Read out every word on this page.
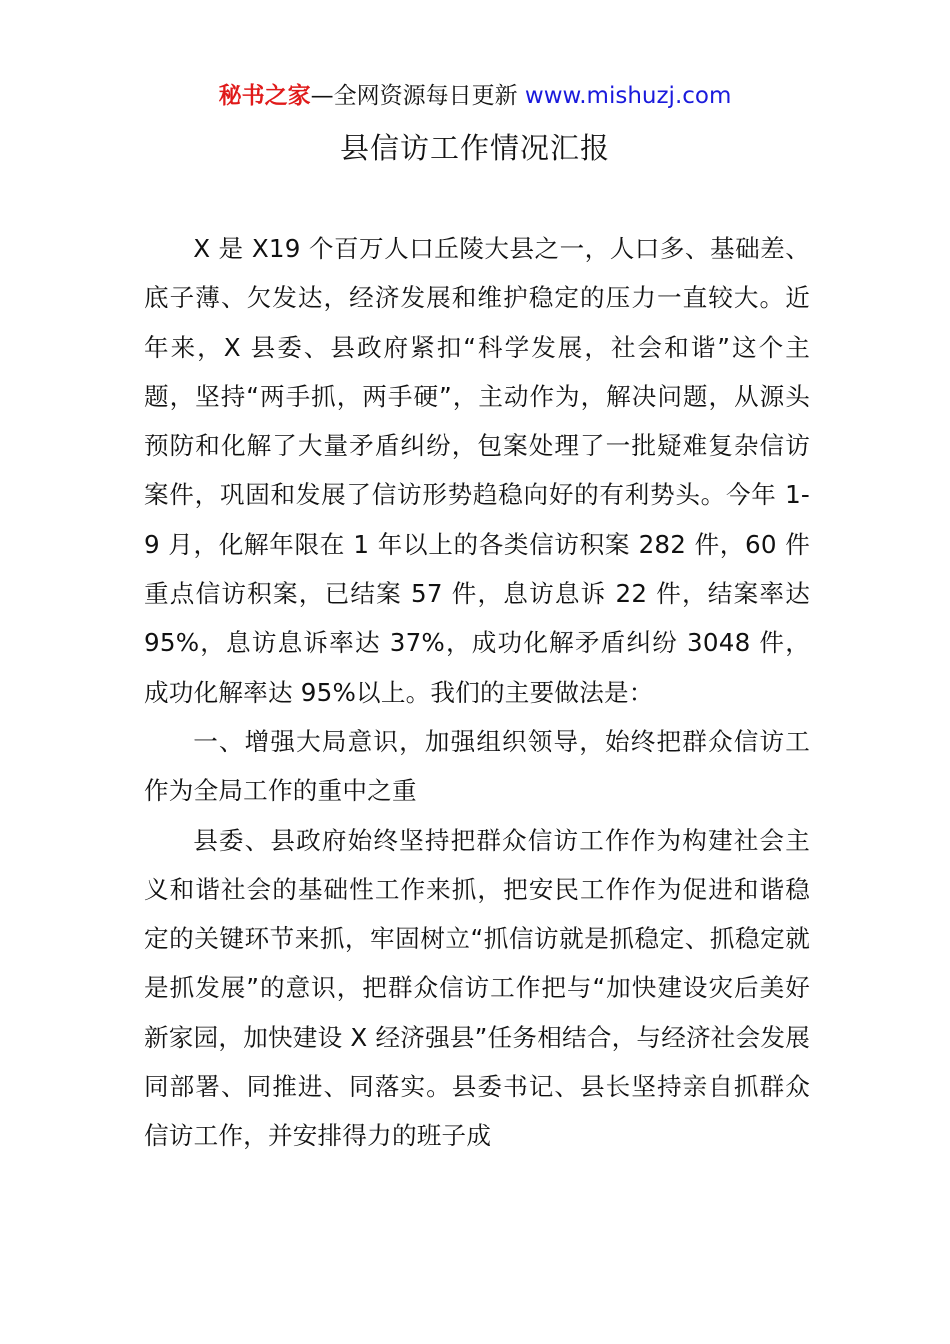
秘书之家—全网资源每日更新 www.mishuzj.com
县信访工作情况汇报

X 是 X19 个百万人口丘陵大县之一，人口多、基础差、底子薄、欠发达，经济发展和维护稳定的压力一直较大。近年来，X 县委、县政府紧扣“科学发展，社会和谐”这个主题，坚持“两手抓，两手硬”，主动作为，解决问题，从源头预防和化解了大量矛盾纠纷，包案处理了一批疑难复杂信访案件，巩固和发展了信访形势趋稳向好的有利势头。今年 1-9 月，化解年限在 1 年以上的各类信访积案 282 件，60 件重点信访积案，已结案 57 件，息访息诉 22 件，结案率达 95%，息访息诉率达 37%，成功化解矛盾纠纷 3048 件，成功化解率达 95%以上。我们的主要做法是：

一、增强大局意识，加强组织领导，始终把群众信访工作为全局工作的重中之重

县委、县政府始终坚持把群众信访工作作为构建社会主义和谐社会的基础性工作来抓，把安民工作作为促进和谐稳定的关键环节来抓，牢固树立“抓信访就是抓稳定、抓稳定就是抓发展”的意识，把群众信访工作把与“加快建设灾后美好新家园，加快建设 X 经济强县”任务相结合，与经济社会发展同部署、同推进、同落实。县委书记、县长坚持亲自抓群众信访工作，并安排得力的班子成
